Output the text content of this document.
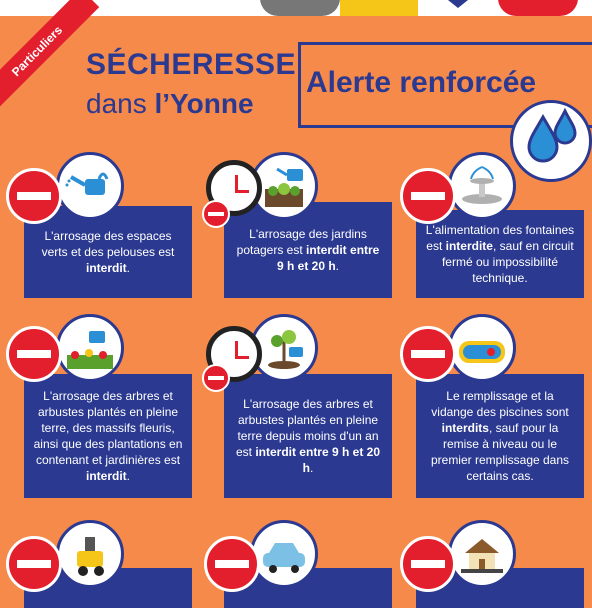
Particuliers SÉCHERESSE
dans l’Yonne
Alerte renforcée
L'arrosage des espaces verts et des pelouses est interdit.
L'arrosage des jardins potagers est interdit entre 9 h et 20 h.
L'alimentation des fontaines est interdite, sauf en circuit fermé ou impossibilité technique.
L'arrosage des arbres et arbustes plantés en pleine terre, des massifs fleuris, ainsi que des plantations en contenant et jardinières est interdit.
L'arrosage des arbres et arbustes plantés en pleine terre depuis moins d'un an est interdit entre 9 h et 20 h.
Le remplissage et la vidange des piscines sont interdits, sauf pour la remise à niveau ou le premier remplissage dans certains cas.
